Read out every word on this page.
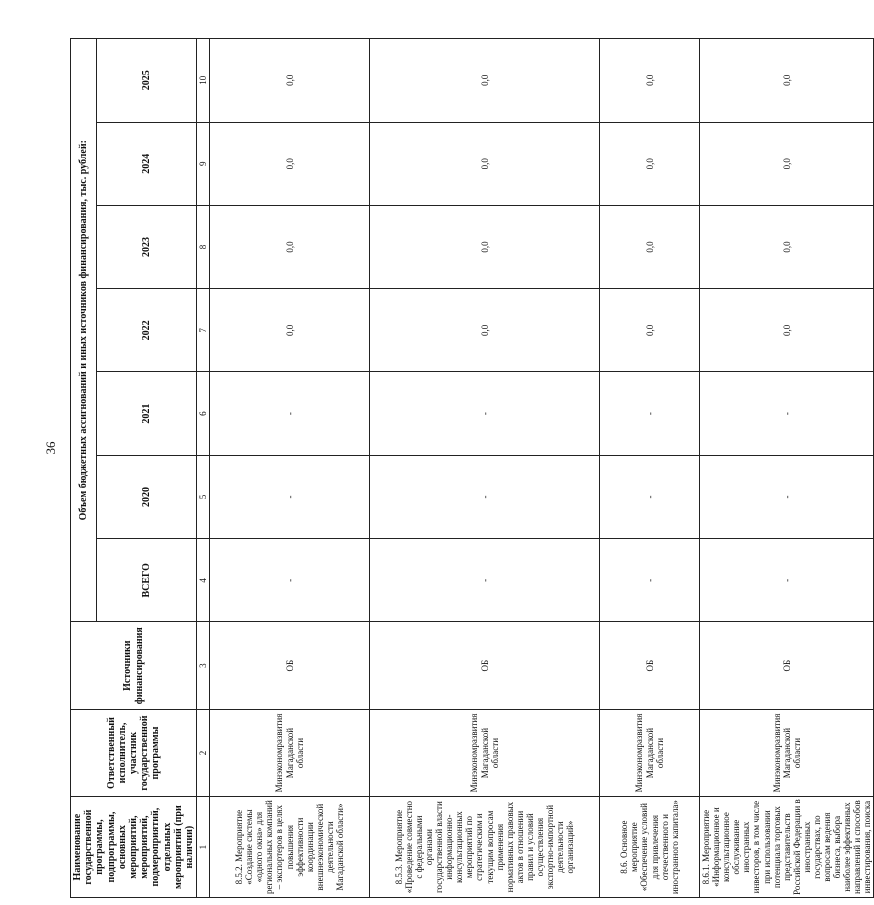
36
Наименование государственной программы, подпрограммы, основных мероприятий, мероприятий, подмероприятий, отдельных мероприятий (при наличии)	Ответственный исполнитель, участник государственной программы	Источники финансирования	Объем бюджетных ассигнований и иных источников финансирования, тыс. рублей:						
			ВСЕГО	2020	2021	2022	2023	2024	2025
1	2	3	4	5	6	7	8	9	10
8.5.2. Мероприятие «Создание системы «одного окна» для региональных компаний – экспортеров в целях повышения эффективности координации внешнеэкономической деятельности Магаданской области»	Минэкономразвития Магаданской области	ОБ	-	-	-	0,0	0,0	0,0	0,0
8.5.3. Мероприятие «Проведение совместно с федеральными органами государственной власти информационно-консультационных мероприятий по стратегическим и текущим вопросам применения нормативных правовых актов в отношении правил и условий осуществления экспортно-импортной деятельности организаций»	Минэкономразвития Магаданской области	ОБ	-	-	-	0,0	0,0	0,0	0,0
8.6. Основное мероприятие «Обеспечение условий для привлечения отечественного и иностранного капитала»	Минэкономразвития Магаданской области	ОБ	-	-	-	0,0	0,0	0,0	0,0
8.6.1. Мероприятие «Информационное и консультационное обслуживание иностранных инвесторов, в том числе при использовании потенциала торговых представительств Российской Федерации в иностранных государствах, по вопросам ведения бизнеса, выбора наиболее эффективных направлений и способов инвестирования, поиска	Минэкономразвития Магаданской области	ОБ	-	-	-	0,0	0,0	0,0	0,0
